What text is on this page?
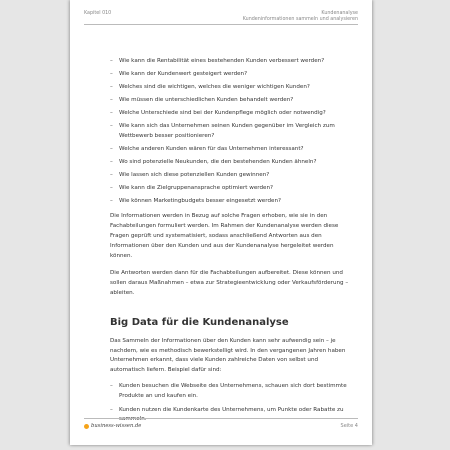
Kapitel 010	Kundenanalyse
Kundeninformationen sammeln und analysieren
– Wie kann die Rentabilität eines bestehenden Kunden verbessert werden?
– Wie kann der Kundenwert gesteigert werden?
– Welches sind die wichtigen, welches die weniger wichtigen Kunden?
– Wie müssen die unterschiedlichen Kunden behandelt werden?
– Welche Unterschiede sind bei der Kundenpflege möglich oder notwendig?
– Wie kann sich das Unternehmen seinen Kunden gegenüber im Vergleich zum Wettbewerb besser positionieren?
– Welche anderen Kunden wären für das Unternehmen interessant?
– Wo sind potenzielle Neukunden, die den bestehenden Kunden ähneln?
– Wie lassen sich diese potenziellen Kunden gewinnen?
– Wie kann die Zielgruppenansprache optimiert werden?
– Wie können Marketingbudgets besser eingesetzt werden?

Die Informationen werden in Bezug auf solche Fragen erhoben, wie sie in den Fachabteilungen formuliert werden. Im Rahmen der Kundenanalyse werden diese Fragen geprüft und systematisiert, sodass anschließend Antworten aus den Informationen über den Kunden und aus der Kundenanalyse hergeleitet werden können.

Die Antworten werden dann für die Fachabteilungen aufbereitet. Diese können und sollen daraus Maßnahmen – etwa zur Strategieentwicklung oder Verkaufsförderung – ableiten.

Big Data für die Kundenanalyse

Das Sammeln der Informationen über den Kunden kann sehr aufwendig sein – je nachdem, wie es methodisch bewerkstelligt wird. In den vergangenen Jahren haben Unternehmen erkannt, dass viele Kunden zahlreiche Daten von selbst und automatisch liefern. Beispiel dafür sind:

– Kunden besuchen die Webseite des Unternehmens, schauen sich dort bestimmte Produkte an und kaufen ein.
– Kunden nutzen die Kundenkarte des Unternehmens, um Punkte oder Rabatte zu sammeln.
business-wissen.de	Seite 4
